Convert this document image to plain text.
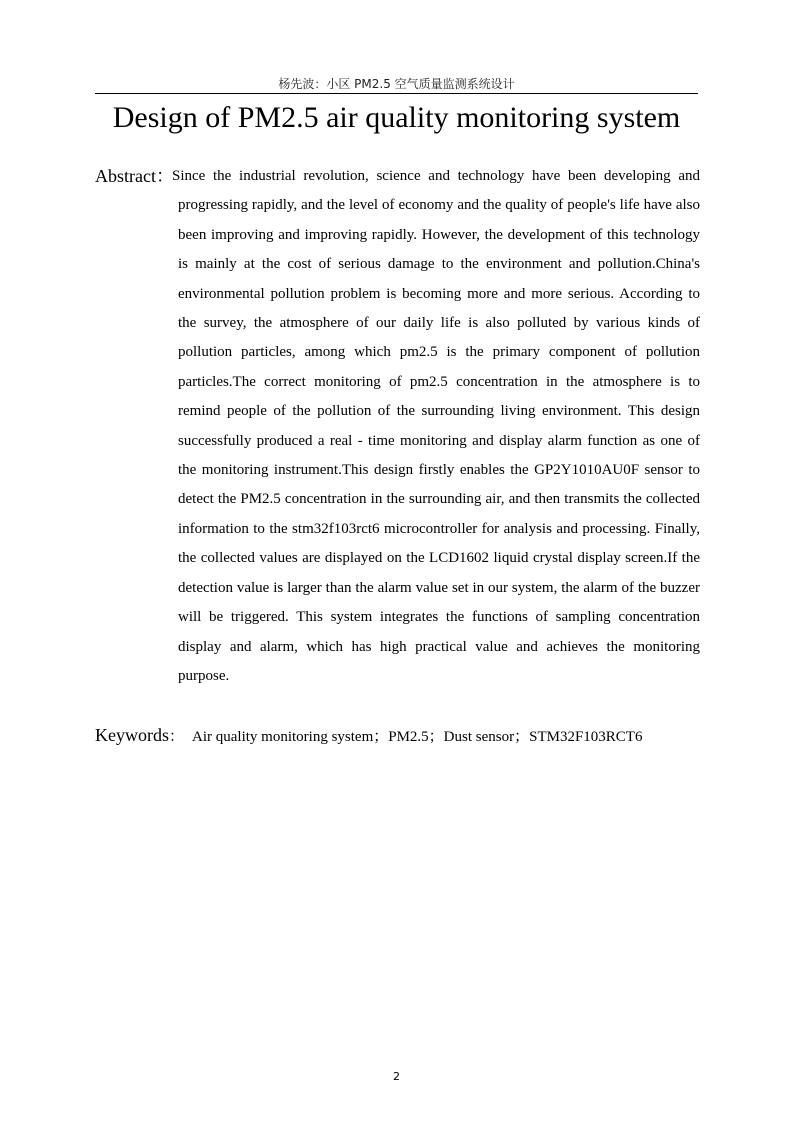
杨先波：小区 PM2.5 空气质量监测系统设计
Design of PM2.5 air quality monitoring system
Abstract：

Since the industrial revolution, science and technology have been developing and progressing rapidly, and the level of economy and the quality of people's life have also been improving and improving rapidly. However, the development of this technology is mainly at the cost of serious damage to the environment and pollution.China's environmental pollution problem is becoming more and more serious. According to the survey, the atmosphere of our daily life is also polluted by various kinds of pollution particles, among which pm2.5 is the primary component of pollution particles.The correct monitoring of pm2.5 concentration in the atmosphere is to remind people of the pollution of the surrounding living environment. This design successfully produced a real - time monitoring and display alarm function as one of the monitoring instrument.This design firstly enables the GP2Y1010AU0F sensor to detect the PM2.5 concentration in the surrounding air, and then transmits the collected information to the stm32f103rct6 microcontroller for analysis and processing. Finally, the collected values are displayed on the LCD1602 liquid crystal display screen.If the detection value is larger than the alarm value set in our system, the alarm of the buzzer will be triggered. This system integrates the functions of sampling concentration display and alarm, which has high practical value and achieves the monitoring purpose.

Keywords： Air quality monitoring system；PM2.5；Dust sensor；STM32F103RCT6
2
